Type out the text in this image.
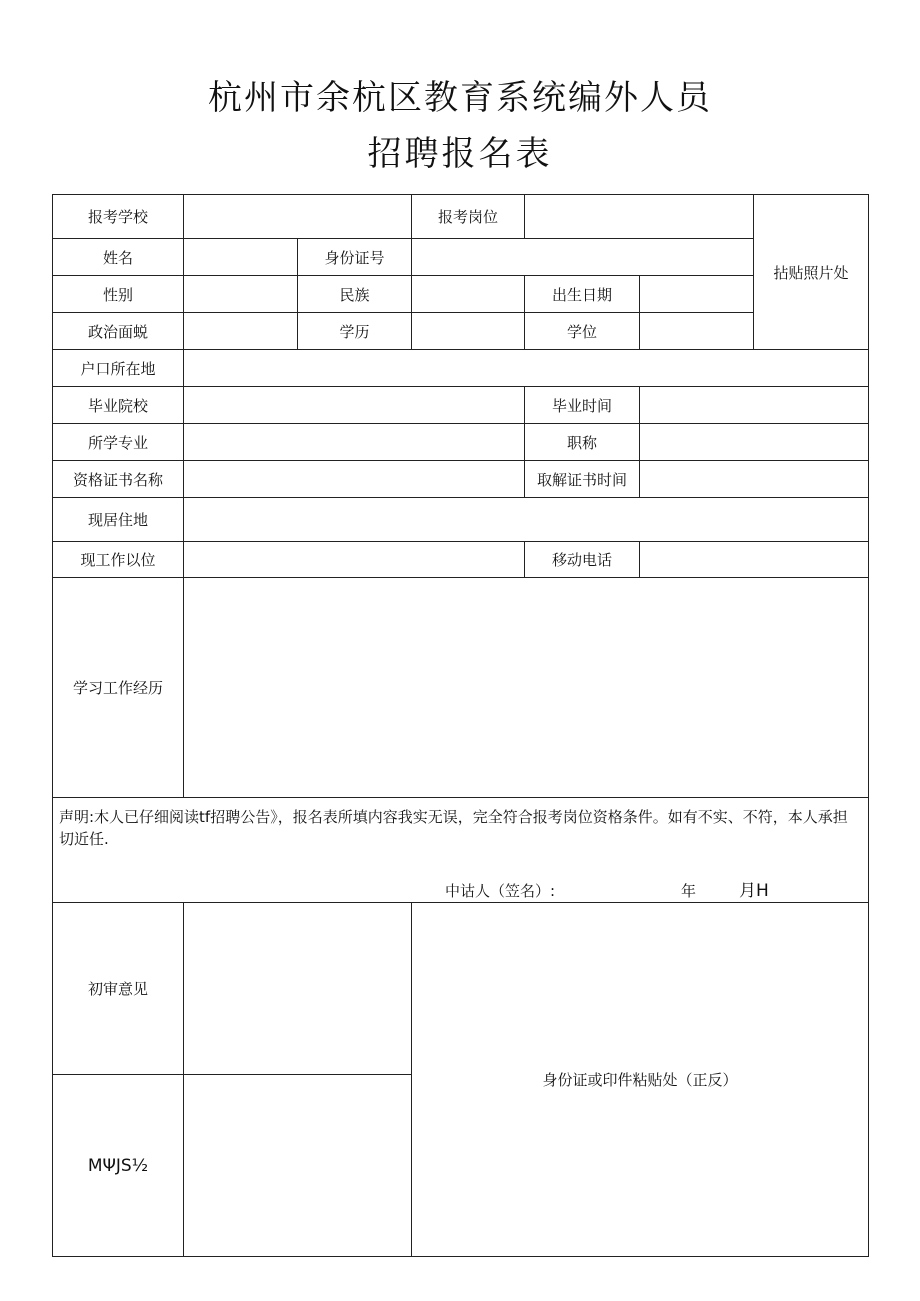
杭州市余杭区教育系统编外人员
招聘报名表
报考学校			报考岗位			拈贴照片处
姓名		身份证号				
性别		民族		出生日期		
政治面蜕		学历		学位		
户口所在地						
毕业院校				毕业时间		
所学专业				职称		
资格证书名称				取解证书时间		
现居住地						
现工作以位				移动电话		
学习工作经历						

声明:木人已仔细阅读tf招聘公告》，报名表所填内容我实无误，完全符合报考岗位资格条件。如有不实、不符，本人承担切近任.
中诂人（笠名）: 年 月H						

初审意见			身份证或印件粘贴处（正反）			
MΨJS½						
